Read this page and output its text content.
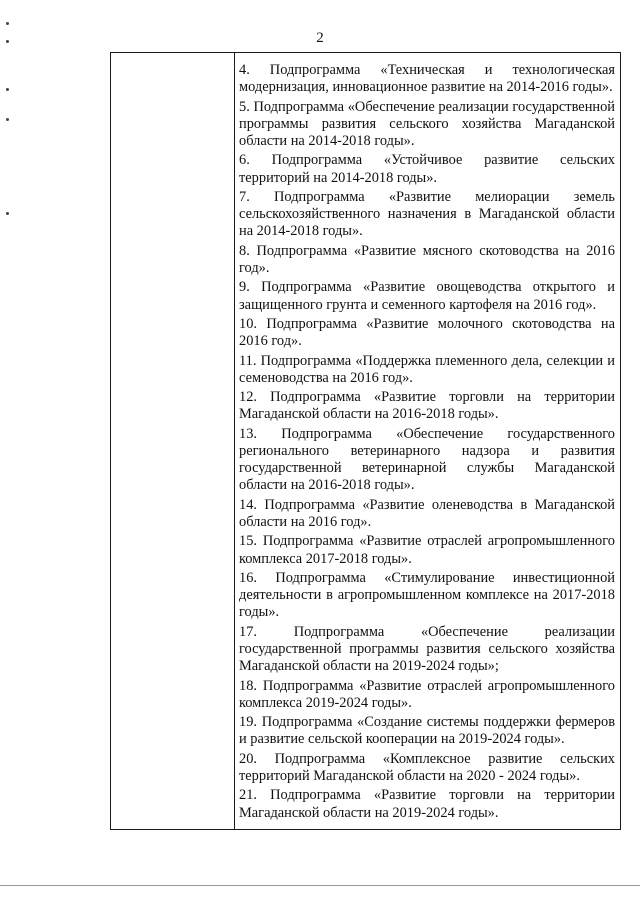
2

4. Подпрограмма «Техническая и технологическая модернизация, инновационное развитие на 2014-2016 годы».

5. Подпрограмма «Обеспечение реализации государственной программы развития сельского хозяйства Магаданской области на 2014-2018 годы».

6. Подпрограмма «Устойчивое развитие сельских территорий на 2014-2018 годы».

7. Подпрограмма «Развитие мелиорации земель сельскохозяйственного назначения в Магаданской области на 2014-2018 годы».

8. Подпрограмма «Развитие мясного скотоводства на 2016 год».

9. Подпрограмма «Развитие овощеводства открытого и защищенного грунта и семенного картофеля на 2016 год».

10. Подпрограмма «Развитие молочного скотоводства на 2016 год».

11. Подпрограмма «Поддержка племенного дела, селекции и семеноводства на 2016 год».

12. Подпрограмма «Развитие торговли на территории Магаданской области на 2016-2018 годы».

13. Подпрограмма «Обеспечение государственного регионального ветеринарного надзора и развития государственной ветеринарной службы Магаданской области на 2016-2018 годы».

14. Подпрограмма «Развитие оленеводства в Магаданской области на 2016 год».

15. Подпрограмма «Развитие отраслей агропромышленного комплекса 2017-2018 годы».

16. Подпрограмма «Стимулирование инвестиционной деятельности в агропромышленном комплексе на 2017-2018 годы».

17. Подпрограмма «Обеспечение реализации государственной программы развития сельского хозяйства Магаданской области на 2019-2024 годы»;

18. Подпрограмма «Развитие отраслей агропромышленного комплекса 2019-2024 годы».

19. Подпрограмма «Создание системы поддержки фермеров и развитие сельской кооперации на 2019-2024 годы».

20. Подпрограмма «Комплексное развитие сельских территорий Магаданской области на 2020 - 2024 годы».

21. Подпрограмма «Развитие торговли на территории Магаданской области на 2019-2024 годы».
